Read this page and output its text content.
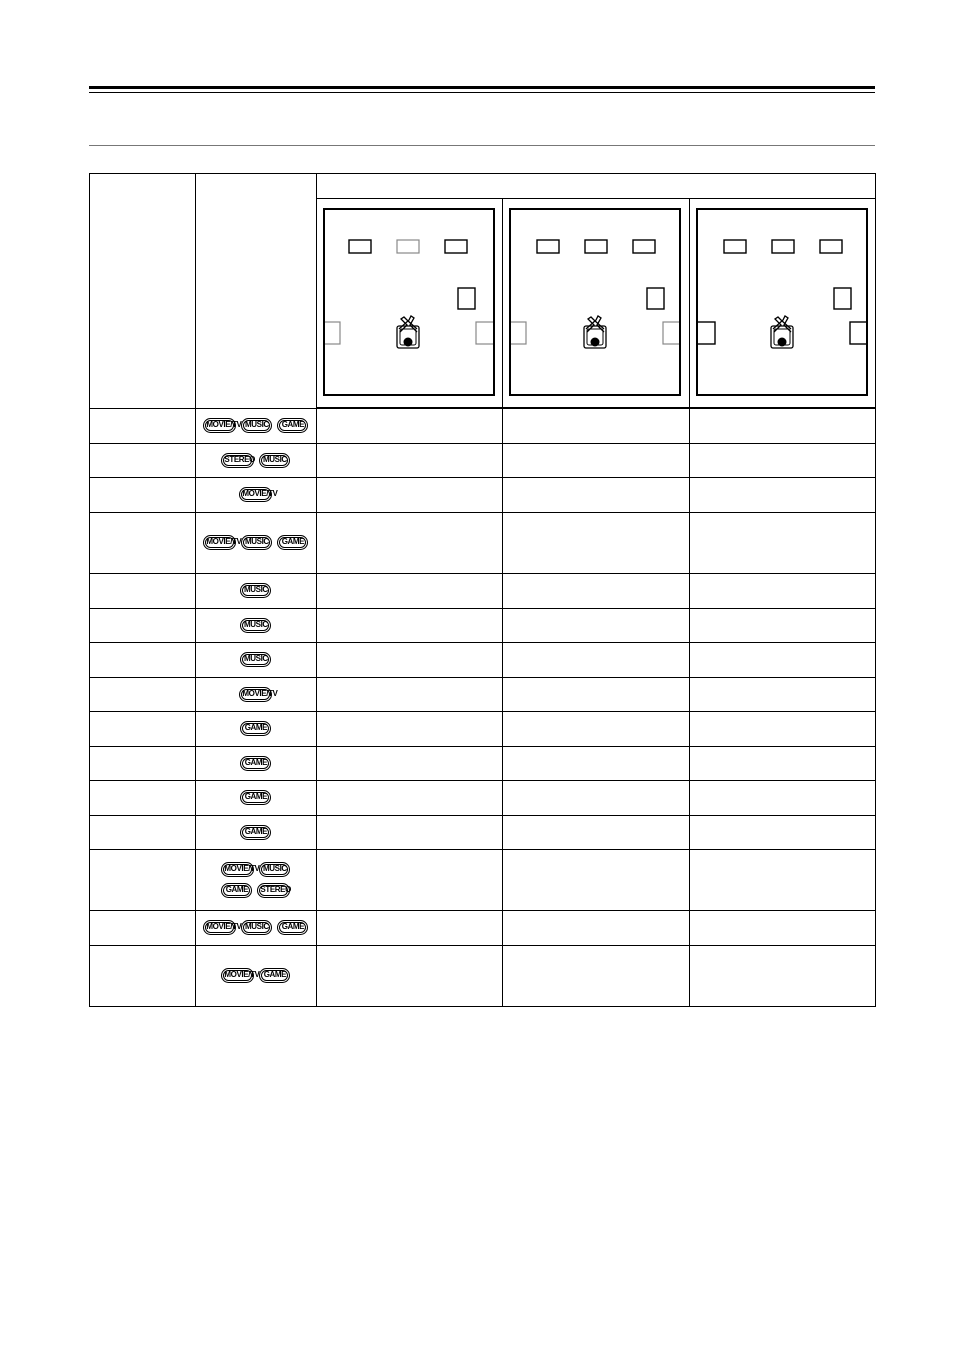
	MOVIE/TV MUSIC GAME			

	STEREO MUSIC			

	MOVIE/TV			

	MOVIE/TV MUSIC GAME			

	MUSIC			

	MUSIC			

	MUSIC			

	MOVIE/TV			

	GAME			

	GAME			

	GAME			

	GAME			

	MOVIE/TV MUSIC
GAME STEREO			

	MOVIE/TV MUSIC GAME			

	MOVIE/TV GAME			
